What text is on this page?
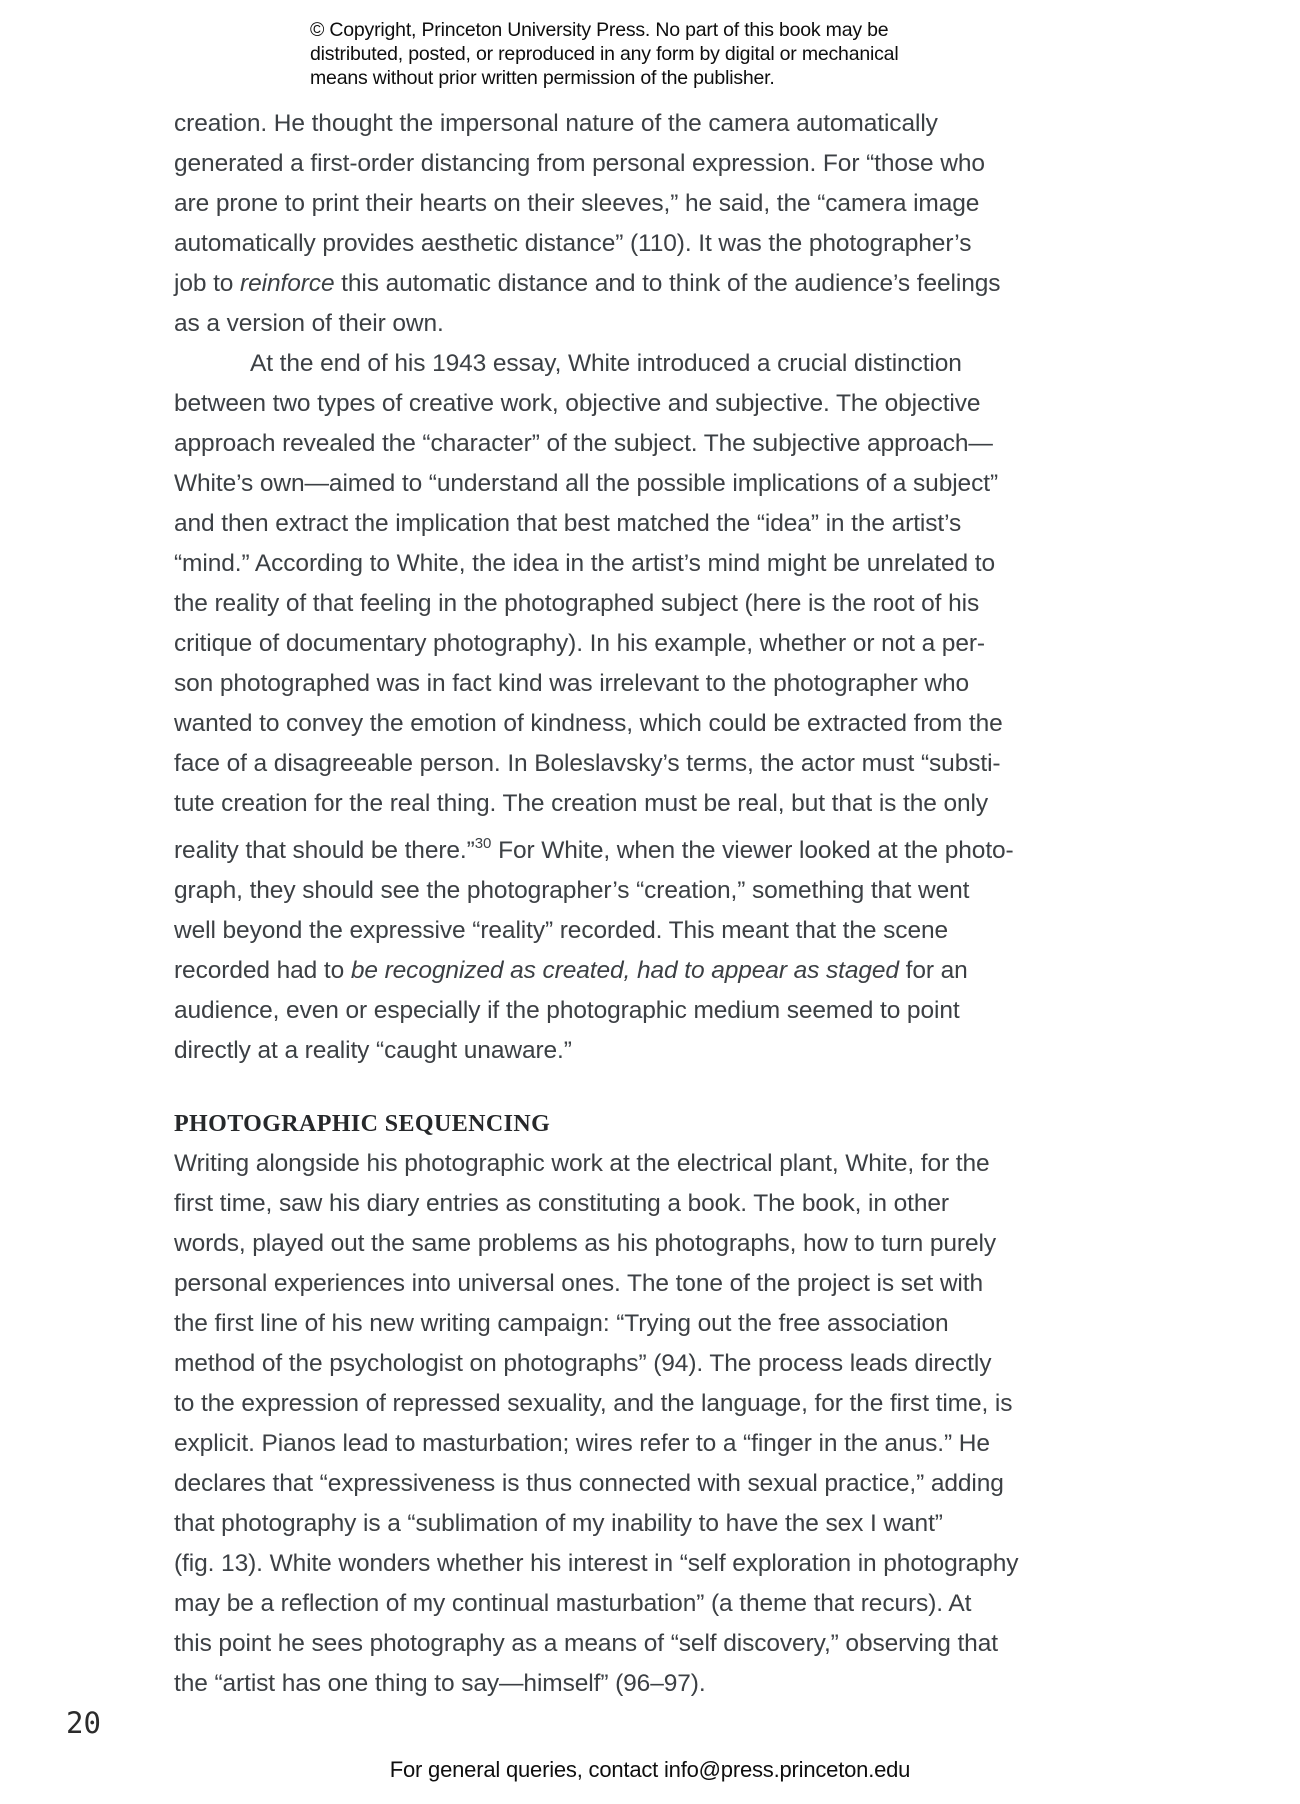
© Copyright, Princeton University Press. No part of this book may be
distributed, posted, or reproduced in any form by digital or mechanical
means without prior written permission of the publisher.
creation. He thought the impersonal nature of the camera automatically
generated a first-order distancing from personal expression. For “those who
are prone to print their hearts on their sleeves,” he said, the “camera image
automatically provides aesthetic distance” (110). It was the photographer’s
job to reinforce this automatic distance and to think of the audience’s feelings
as a version of their own.
At the end of his 1943 essay, White introduced a crucial distinction
between two types of creative work, objective and subjective. The objective
approach revealed the “character” of the subject. The subjective approach—
White’s own—aimed to “understand all the possible implications of a subject”
and then extract the implication that best matched the “idea” in the artist’s
“mind.” According to White, the idea in the artist’s mind might be unrelated to
the reality of that feeling in the photographed subject (here is the root of his
critique of documentary photography). In his example, whether or not a per-
son photographed was in fact kind was irrelevant to the photographer who
wanted to convey the emotion of kindness, which could be extracted from the
face of a disagreeable person. In Boleslavsky’s terms, the actor must “substi-
tute creation for the real thing. The creation must be real, but that is the only
reality that should be there.”$^{30}$ For White, when the viewer looked at the photo-
graph, they should see the photographer’s “creation,” something that went
well beyond the expressive “reality” recorded. This meant that the scene
recorded had to be recognized as created, had to appear as staged for an
audience, even or especially if the photographic medium seemed to point
directly at a reality “caught unaware.”
PHOTOGRAPHIC SEQUENCING
Writing alongside his photographic work at the electrical plant, White, for the
first time, saw his diary entries as constituting a book. The book, in other
words, played out the same problems as his photographs, how to turn purely
personal experiences into universal ones. The tone of the project is set with
the first line of his new writing campaign: “Trying out the free association
method of the psychologist on photographs” (94). The process leads directly
to the expression of repressed sexuality, and the language, for the first time, is
explicit. Pianos lead to masturbation; wires refer to a “finger in the anus.” He
declares that “expressiveness is thus connected with sexual practice,” adding
that photography is a “sublimation of my inability to have the sex I want”
(fig. 13). White wonders whether his interest in “self exploration in photography
may be a reflection of my continual masturbation” (a theme that recurs). At
this point he sees photography as a means of “self discovery,” observing that
the “artist has one thing to say—himself” (96–97).
20
For general queries, contact info@press.princeton.edu
